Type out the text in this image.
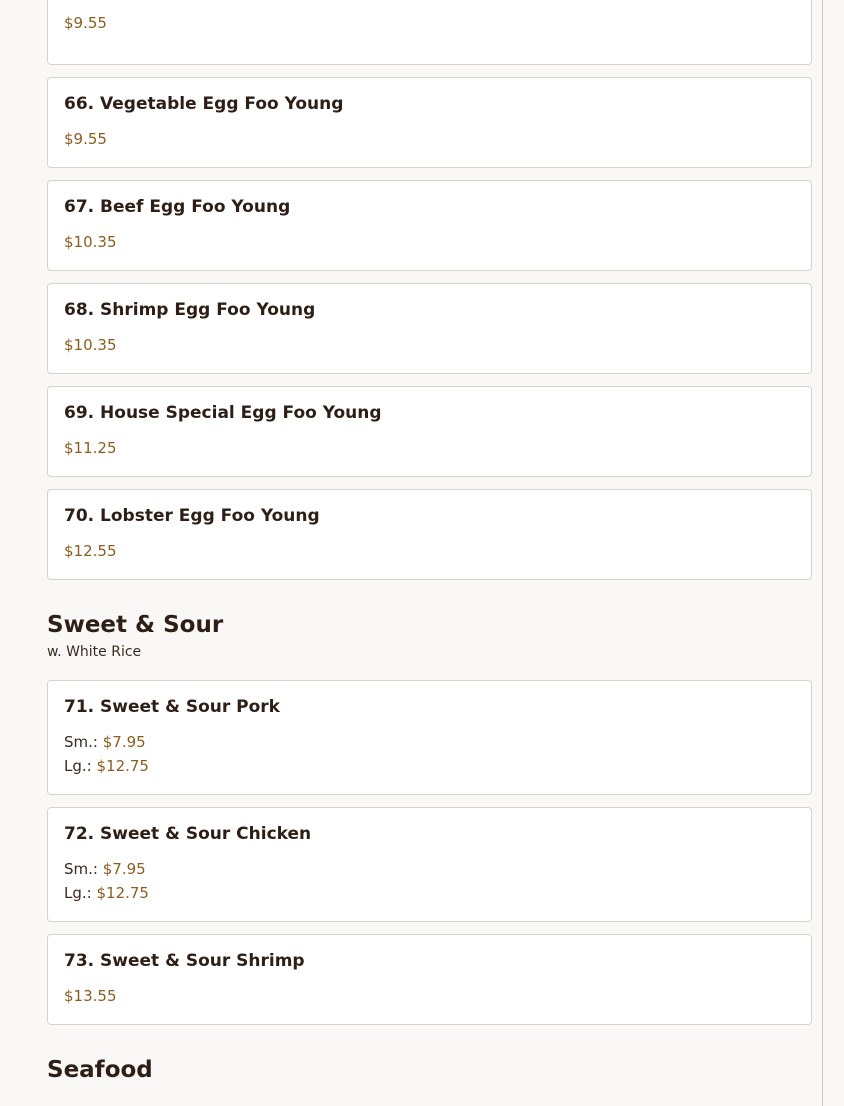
$9.55
66. Vegetable Egg Foo Young
$9.55
67. Beef Egg Foo Young
$10.35
68. Shrimp Egg Foo Young
$10.35
69. House Special Egg Foo Young
$11.25
70. Lobster Egg Foo Young
$12.55
Sweet & Sour
w. White Rice
71. Sweet & Sour Pork
Sm.: $7.95
Lg.: $12.75
72. Sweet & Sour Chicken
Sm.: $7.95
Lg.: $12.75
73. Sweet & Sour Shrimp
$13.55
Seafood
